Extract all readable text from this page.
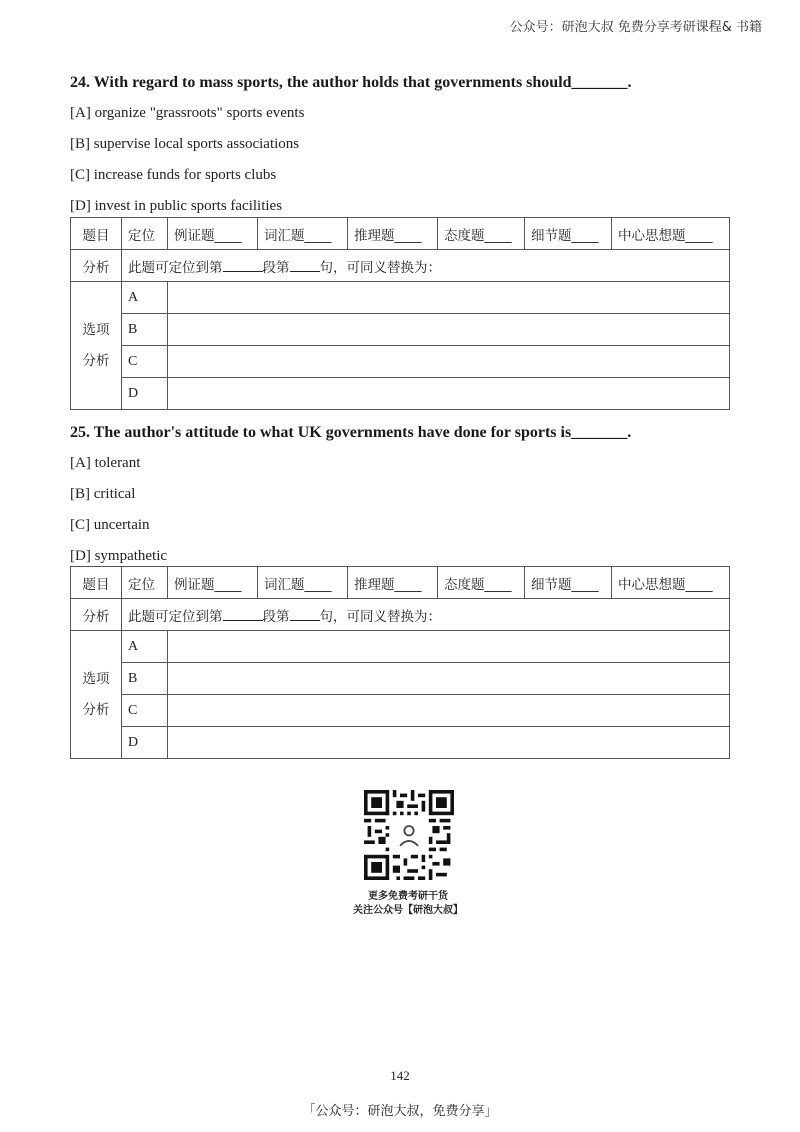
公众号：研泡大叔 免费分享考研课程& 书籍
24. With regard to mass sports, the author holds that governments should_______.
[A] organize "grassroots" sports events
[B] supervise local sports associations
[C] increase funds for sports clubs
[D] invest in public sports facilities
题目	定位	例证题____	词汇题____	推理题____	态度题____	细节题____	中心思想题____
分析	此题可定位到第 段第 句，可同义替换为：						
选项
分析	A						
	B						
	C						
	D						
25. The author's attitude to what UK governments have done for sports is_______.
[A] tolerant
[B] critical
[C] uncertain
[D] sympathetic
题目	定位	例证题____	词汇题____	推理题____	态度题____	细节题____	中心思想题____
分析	此题可定位到第 段第 句，可同义替换为：						
选项
分析	A						
	B						
	C						
	D						
更多免费考研干货
关注公众号【研泡大叔】
142
「公众号：研泡大叔，免费分享」
